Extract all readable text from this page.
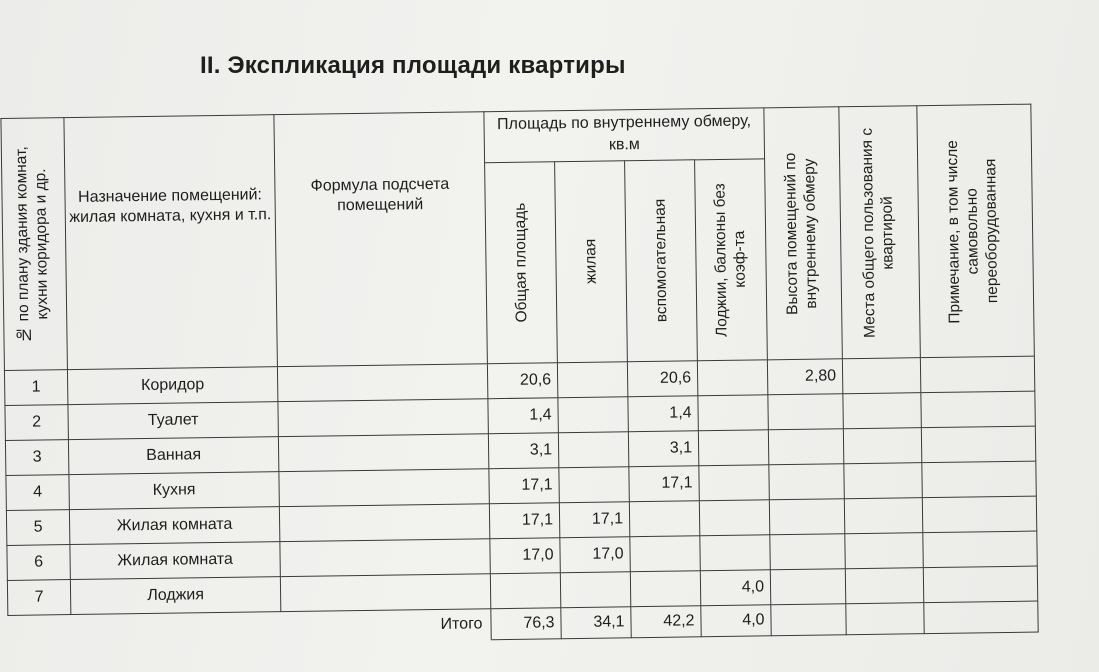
II. Экспликация площади квартиры
№ по плану здания комнат, кухни коридора и др.	Назначение помещений: жилая комната, кухня и т.п.	Формула подсчета помещений	Площадь по внутреннему обмеру, кв.м				Высота помещений по внутреннему обмеру	Места общего пользования с квартирой	Примечание, в том числе самовольно переоборудованная

			Общая площадь	жилая	вспомогательная	Лоджии, балконы без коэф-та			

1	Коридор		20,6		20,6		2,80		
2	Туалет		1,4		1,4				
3	Ванная		3,1		3,1				
4	Кухня		17,1		17,1				
5	Жилая комната		17,1	17,1					
6	Жилая комната		17,0	17,0					
7	Лоджия					4,0			
		Итого	76,3	34,1	42,2	4,0			
